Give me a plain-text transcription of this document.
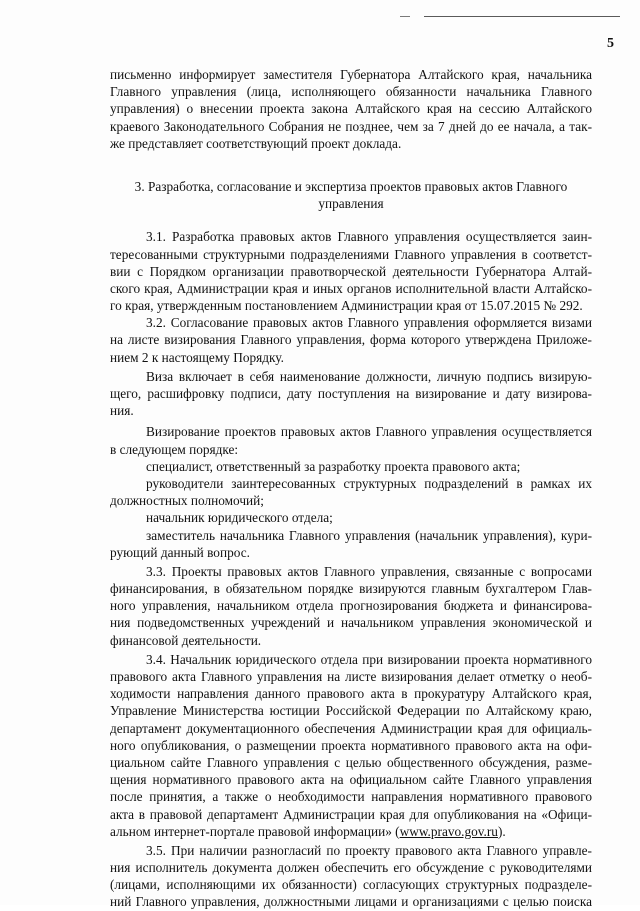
5
письменно информирует заместителя Губернатора Алтайского края, начальника
Главного управления (лица, исполняющего обязанности начальника Главного
управления) о внесении проекта закона Алтайского края на сессию Алтайского
краевого Законодательного Собрания не позднее, чем за 7 дней до ее начала, а так-
же представляет соответствующий проект доклада.
3. Разработка, согласование и экспертиза проектов правовых актов Главного
управления
3.1. Разработка правовых актов Главного управления осуществляется заин-
тересованными структурными подразделениями Главного управления в соответст-
вии с Порядком организации правотворческой деятельности Губернатора Алтай-
ского края, Администрации края и иных органов исполнительной власти Алтайско-
го края, утвержденным постановлением Администрации края от 15.07.2015 № 292.
3.2. Согласование правовых актов Главного управления оформляется визами
на листе визирования Главного управления, форма которого утверждена Приложе-
нием 2 к настоящему Порядку.
Виза включает в себя наименование должности, личную подпись визирую-
щего, расшифровку подписи, дату поступления на визирование и дату визирова-
ния.
Визирование проектов правовых актов Главного управления осуществляется
в следующем порядке:
специалист, ответственный за разработку проекта правового акта;
руководители заинтересованных структурных подразделений в рамках их
должностных полномочий;
начальник юридического отдела;
заместитель начальника Главного управления (начальник управления), кури-
рующий данный вопрос.
3.3. Проекты правовых актов Главного управления, связанные с вопросами
финансирования, в обязательном порядке визируются главным бухгалтером Глав-
ного управления, начальником отдела прогнозирования бюджета и финансирова-
ния подведомственных учреждений и начальником управления экономической и
финансовой деятельности.
3.4. Начальник юридического отдела при визировании проекта нормативного
правового акта Главного управления на листе визирования делает отметку о необ-
ходимости направления данного правового акта в прокуратуру Алтайского края,
Управление Министерства юстиции Российской Федерации по Алтайскому краю,
департамент документационного обеспечения Администрации края для официаль-
ного опубликования, о размещении проекта нормативного правового акта на офи-
циальном сайте Главного управления с целью общественного обсуждения, разме-
щения нормативного правового акта на официальном сайте Главного управления
после принятия, а также о необходимости направления нормативного правового
акта в правовой департамент Администрации края для опубликования на «Офици-
альном интернет-портале правовой информации» (www.pravo.gov.ru).
3.5. При наличии разногласий по проекту правового акта Главного управле-
ния исполнитель документа должен обеспечить его обсуждение с руководителями
(лицами, исполняющими их обязанности) согласующих структурных подразделе-
ний Главного управления, должностными лицами и организациями с целью поиска
